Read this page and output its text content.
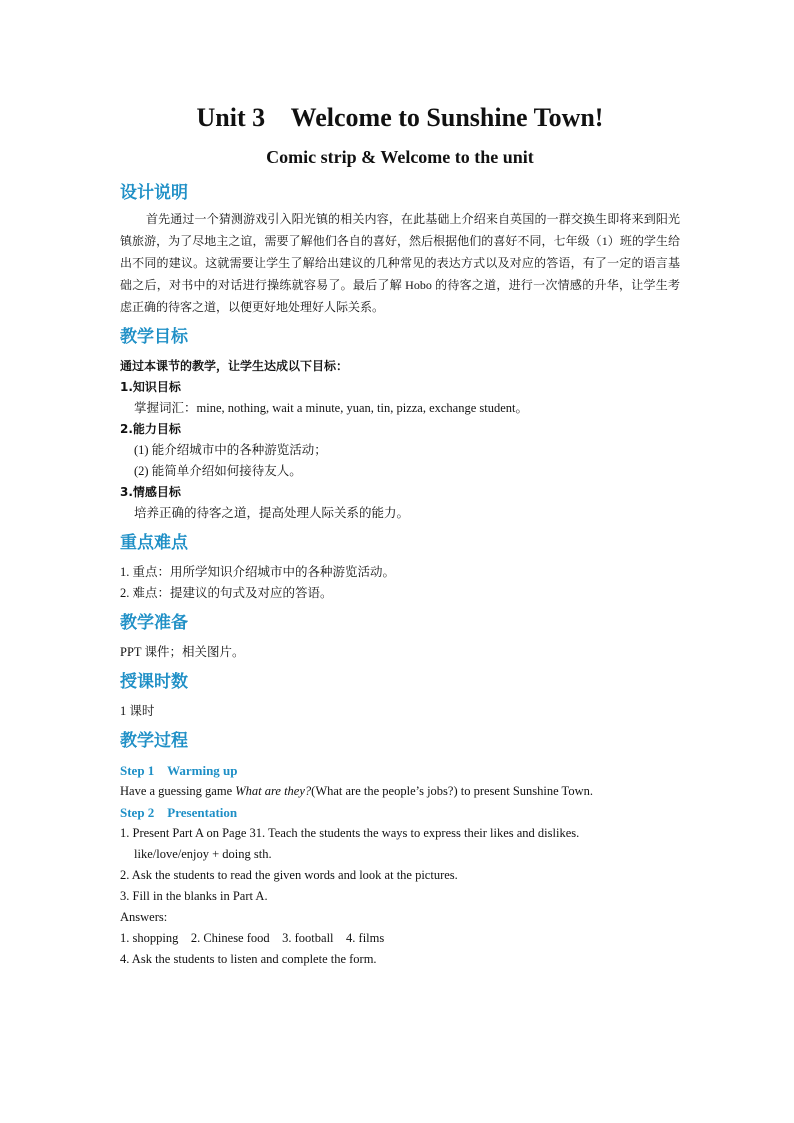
Unit 3    Welcome to Sunshine Town!
Comic strip & Welcome to the unit
设计说明

首先通过一个猜测游戏引入阳光镇的相关内容，在此基础上介绍来自英国的一群交换生即将来到阳光镇旅游，为了尽地主之谊，需要了解他们各自的喜好，然后根据他们的喜好不同，七年级（1）班的学生给出不同的建议。这就需要让学生了解给出建议的几种常见的表达方式以及对应的答语，有了一定的语言基础之后，对书中的对话进行操练就容易了。最后了解 Hobo 的待客之道，进行一次情感的升华，让学生考虑正确的待客之道，以便更好地处理好人际关系。

教学目标

通过本课节的教学，让学生达成以下目标：

1.知识目标

掌握词汇：mine, nothing, wait a minute, yuan, tin, pizza, exchange student。

2.能力目标

(1) 能介绍城市中的各种游览活动；

(2) 能简单介绍如何接待友人。

3.情感目标

培养正确的待客之道，提高处理人际关系的能力。

重点难点

1. 重点：用所学知识介绍城市中的各种游览活动。

2. 难点：提建议的句式及对应的答语。

教学准备

PPT 课件；相关图片。

授课时数

1 课时

教学过程

Step 1    Warming up

Have a guessing game What are they?(What are the people’s jobs?) to present Sunshine Town.

Step 2    Presentation

1. Present Part A on Page 31. Teach the students the ways to express their likes and dislikes.

like/love/enjoy + doing sth.

2. Ask the students to read the given words and look at the pictures.

3. Fill in the blanks in Part A.

Answers:

1. shopping    2. Chinese food    3. football    4. films

4. Ask the students to listen and complete the form.
